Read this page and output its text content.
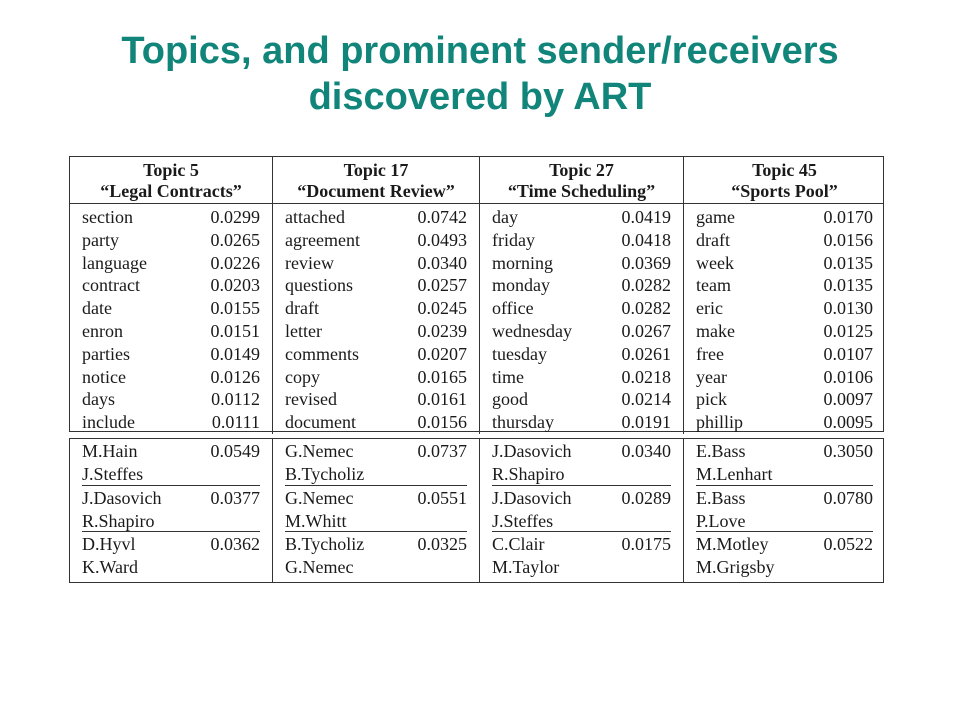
Topics, and prominent sender/receivers
discovered by ART
Topic 5
“Legal Contracts”
Topic 17
“Document Review”
Topic 27
“Time Scheduling”
Topic 45
“Sports Pool”
section	0.0299
party	0.0265
language	0.0226
contract	0.0203
date	0.0155
enron	0.0151
parties	0.0149
notice	0.0126
days	0.0112
include	0.0111
attached	0.0742
agreement	0.0493
review	0.0340
questions	0.0257
draft	0.0245
letter	0.0239
comments	0.0207
copy	0.0165
revised	0.0161
document	0.0156
day	0.0419
friday	0.0418
morning	0.0369
monday	0.0282
office	0.0282
wednesday	0.0267
tuesday	0.0261
time	0.0218
good	0.0214
thursday	0.0191
game	0.0170
draft	0.0156
week	0.0135
team	0.0135
eric	0.0130
make	0.0125
free	0.0107
year	0.0106
pick	0.0097
phillip	0.0095
M.Hain	0.0549
J.Steffes
J.Dasovich	0.0377
R.Shapiro
D.Hyvl	0.0362
K.Ward
G.Nemec	0.0737
B.Tycholiz
G.Nemec	0.0551
M.Whitt
B.Tycholiz	0.0325
G.Nemec
J.Dasovich	0.0340
R.Shapiro
J.Dasovich	0.0289
J.Steffes
C.Clair	0.0175
M.Taylor
E.Bass	0.3050
M.Lenhart
E.Bass	0.0780
P.Love
M.Motley	0.0522
M.Grigsby
